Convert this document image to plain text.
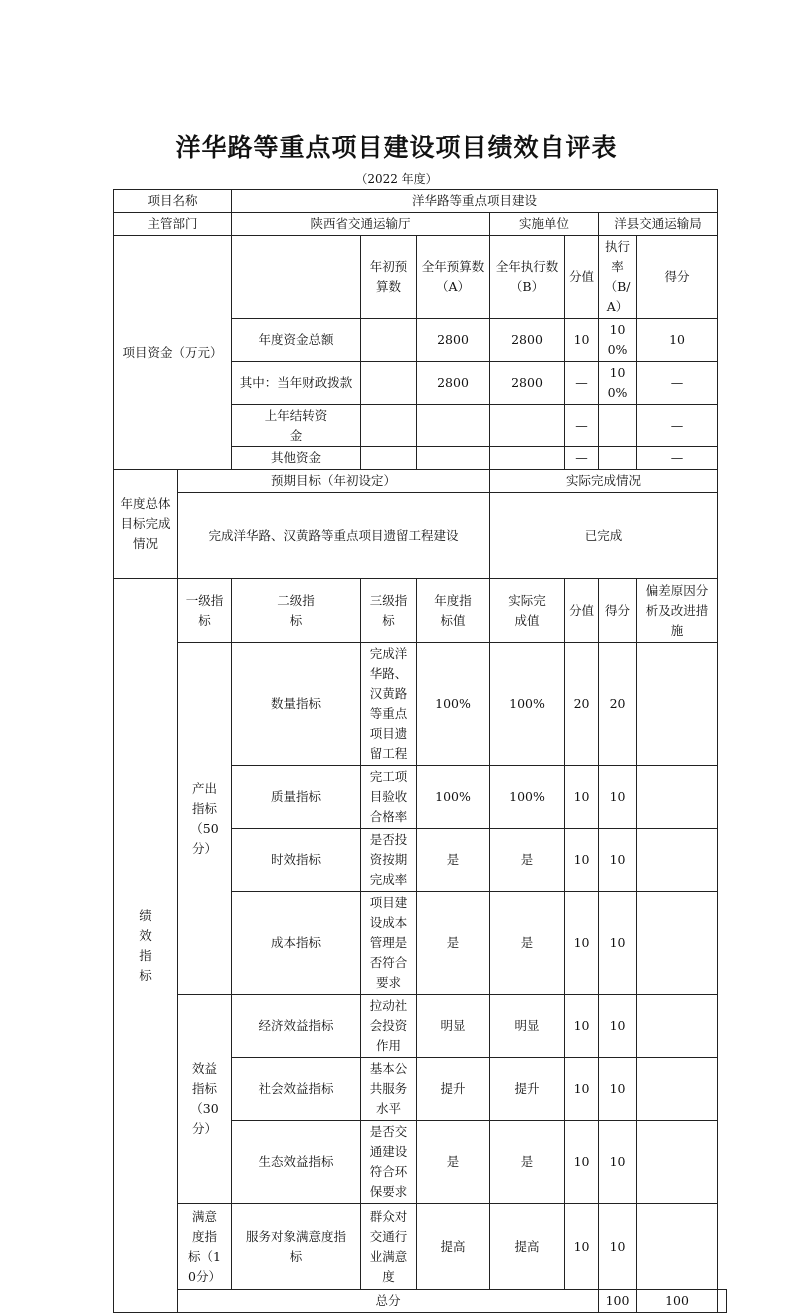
洋华路等重点项目建设项目绩效自评表
（2022 年度）
项目名称		洋华路等重点项目建设							
主管部门		陕西省交通运输厅			实施单位		洋县交通运输局		
项目资金（万元）			年初预算数	全年预算数（A）	全年执行数（B）	分值	执行率（B/A）	得分	
		年度资金总额		2800	2800	10	100%	10	
		其中：当年财政拨款		2800	2800	—	100%	—	
		上年结转资金				—		—	
		其他资金				—		—	
年度总体目标完成情况	预期目标（年初设定）				实际完成情况				
	完成洋华路、汉黄路等重点项目遗留工程建设				已完成				
绩效指标	一级指标	二级指标	三级指标	年度指标值	实际完成值	分值	得分	偏差原因分析及改进措施	
	产出指标（50分）	数量指标	完成洋华路、汉黄路等重点项目遗留工程	100%	100%	20	20		
		质量指标	完工项目验收合格率	100%	100%	10	10		
		时效指标	是否投资按期完成率	是	是	10	10		
		成本指标	项目建设成本管理是否符合要求	是	是	10	10		
	效益指标（30分）	经济效益指标	拉动社会投资作用	明显	明显	10	10		
		社会效益指标	基本公共服务水平	提升	提升	10	10		
		生态效益指标	是否交通建设符合环保要求	是	是	10	10		
	满意度指标（10分）	服务对象满意度指标	群众对交通行业满意度	提高	提高	10	10		
	总分						100	100	
